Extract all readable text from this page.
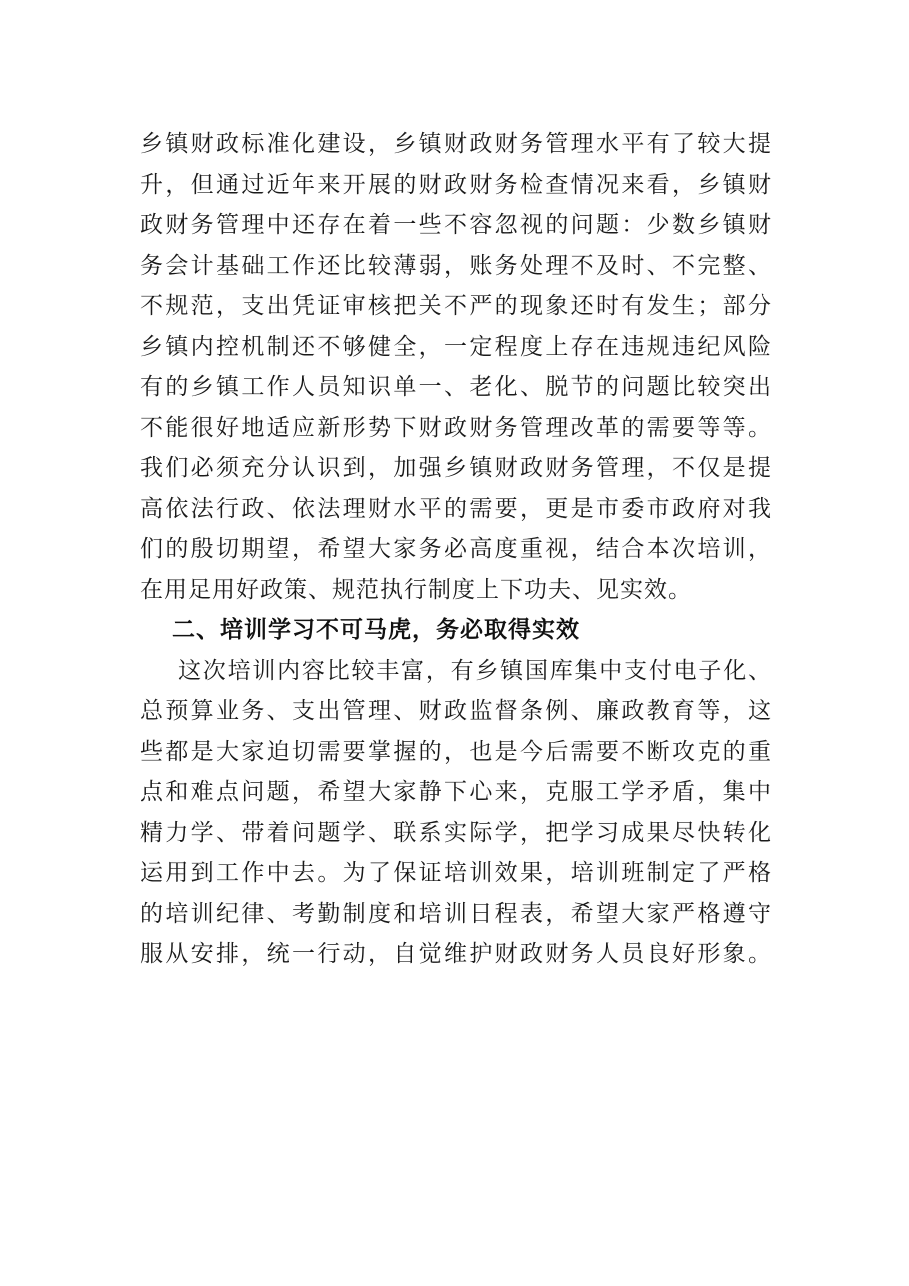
乡镇财政标准化建设，乡镇财政财务管理水平有了较大提
升，但通过近年来开展的财政财务检查情况来看，乡镇财
政财务管理中还存在着一些不容忽视的问题：少数乡镇财
务会计基础工作还比较薄弱，账务处理不及时、不完整、
不规范，支出凭证审核把关不严的现象还时有发生；部分
乡镇内控机制还不够健全，一定程度上存在违规违纪风险
有的乡镇工作人员知识单一、老化、脱节的问题比较突出
不能很好地适应新形势下财政财务管理改革的需要等等。
我们必须充分认识到，加强乡镇财政财务管理，不仅是提
高依法行政、依法理财水平的需要，更是市委市政府对我
们的殷切期望，希望大家务必高度重视，结合本次培训，
在用足用好政策、规范执行制度上下功夫、见实效。
二、培训学习不可马虎，务必取得实效
这次培训内容比较丰富，有乡镇国库集中支付电子化、
总预算业务、支出管理、财政监督条例、廉政教育等，这
些都是大家迫切需要掌握的，也是今后需要不断攻克的重
点和难点问题，希望大家静下心来，克服工学矛盾，集中
精力学、带着问题学、联系实际学，把学习成果尽快转化
运用到工作中去。为了保证培训效果，培训班制定了严格
的培训纪律、考勤制度和培训日程表，希望大家严格遵守
服从安排，统一行动，自觉维护财政财务人员良好形象。
